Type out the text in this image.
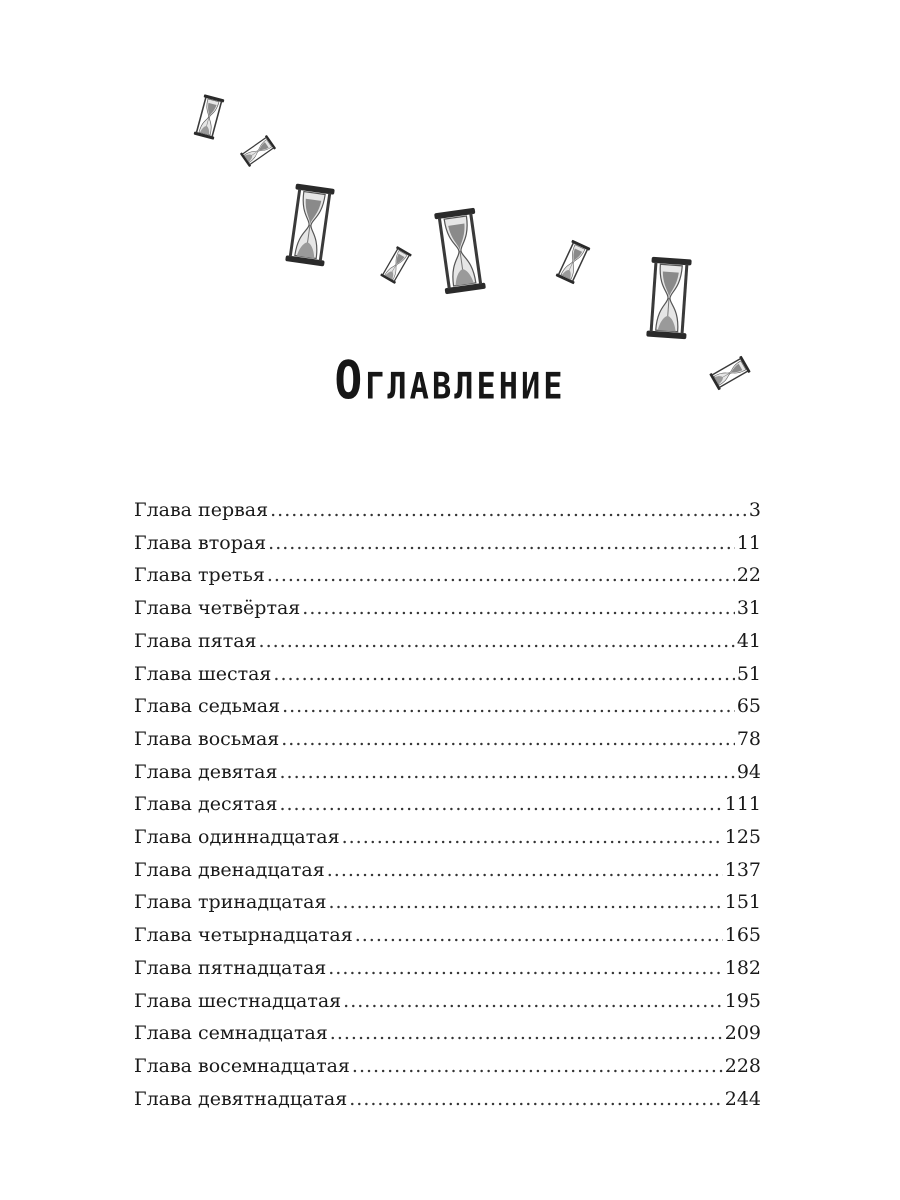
Оглавление
Глава первая .....	3
Глава вторая .....	11
Глава третья .....	22
Глава четвёртая .....	31
Глава пятая .....	41
Глава шестая .....	51
Глава седьмая .....	65
Глава восьмая .....	78
Глава девятая .....	94
Глава десятая .....	111
Глава одиннадцатая .....	125
Глава двенадцатая .....	137
Глава тринадцатая .....	151
Глава четырнадцатая .....	165
Глава пятнадцатая .....	182
Глава шестнадцатая .....	195
Глава семнадцатая .....	209
Глава восемнадцатая .....	228
Глава девятнадцатая .....	244
